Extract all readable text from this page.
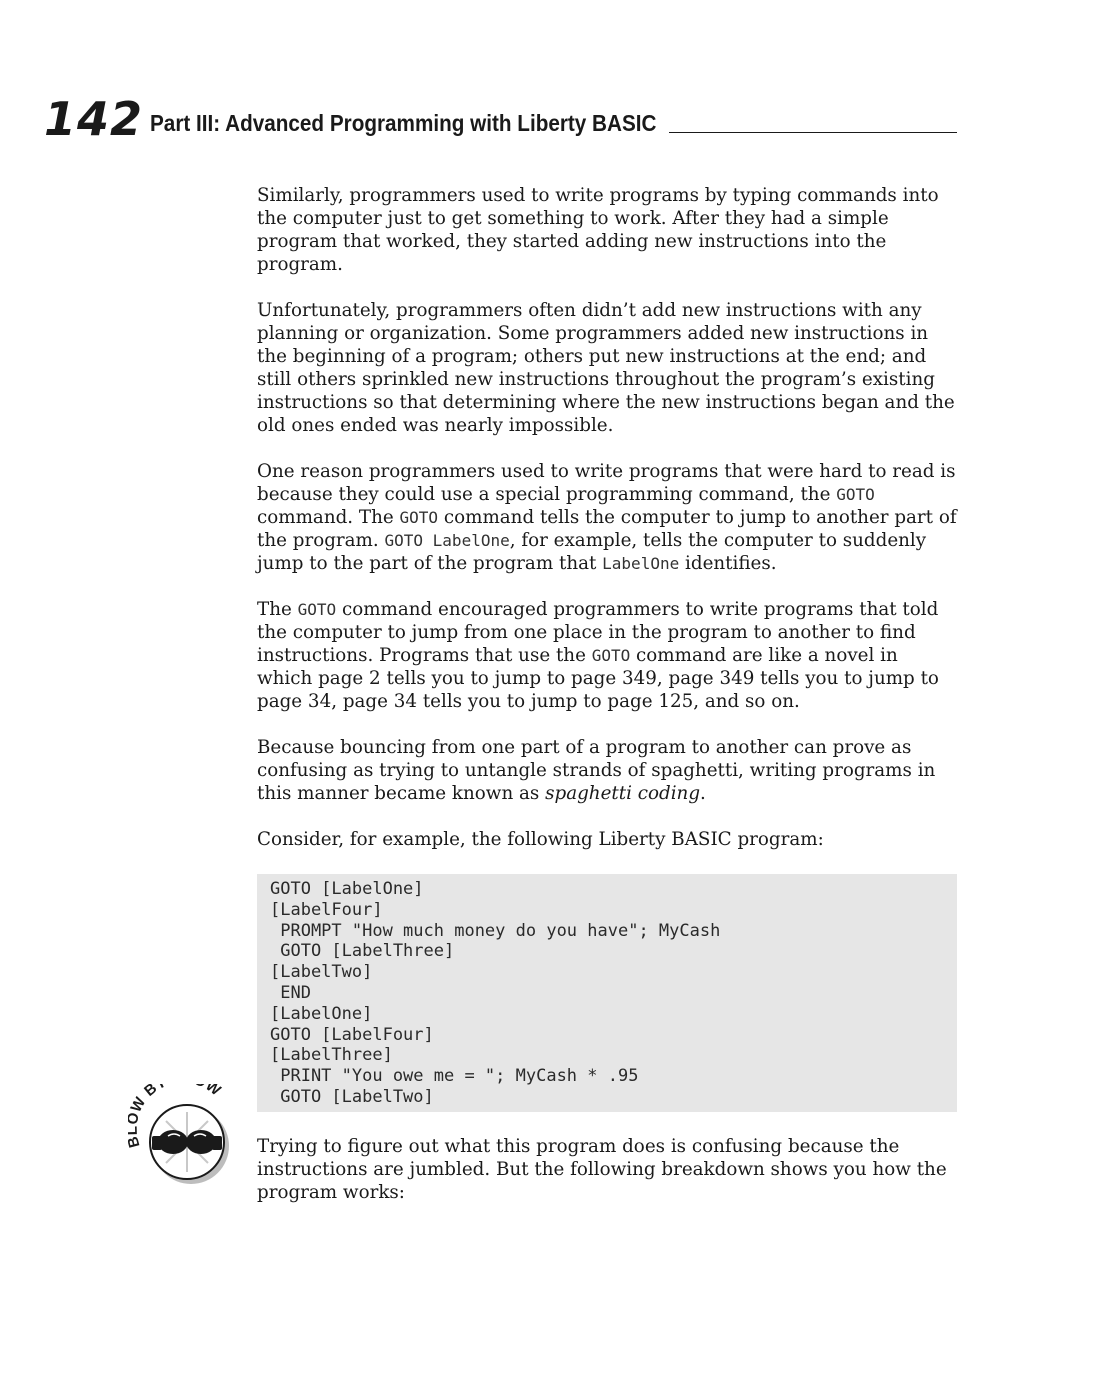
142 Part III: Advanced Programming with Liberty BASIC

Similarly, programmers used to write programs by typing commands into the computer just to get something to work. After they had a simple program that worked, they started adding new instructions into the program.

Unfortunately, programmers often didn’t add new instructions with any planning or organization. Some programmers added new instructions in the beginning of a program; others put new instructions at the end; and still others sprinkled new instructions throughout the program’s existing instructions so that determining where the new instructions began and the old ones ended was nearly impossible.

One reason programmers used to write programs that were hard to read is because they could use a special programming command, the GOTO command. The GOTO command tells the computer to jump to another part of the program. GOTO LabelOne, for example, tells the computer to suddenly jump to the part of the program that LabelOne identifies.

The GOTO command encouraged programmers to write programs that told the computer to jump from one place in the program to another to find instructions. Programs that use the GOTO command are like a novel in which page 2 tells you to jump to page 349, page 349 tells you to jump to page 34, page 34 tells you to jump to page 125, and so on.

Because bouncing from one part of a program to another can prove as confusing as trying to untangle strands of spaghetti, writing programs in this manner became known as spaghetti coding.

Consider, for example, the following Liberty BASIC program:

GOTO [LabelOne]
[LabelFour]
PROMPT "How much money do you have"; MyCash
GOTO [LabelThree]
[LabelTwo]
END
[LabelOne]
GOTO [LabelFour]
[LabelThree]
PRINT "You owe me = "; MyCash * .95
GOTO [LabelTwo]

Trying to figure out what this program does is confusing because the instructions are jumbled. But the following breakdown shows you how the program works:

W B W
